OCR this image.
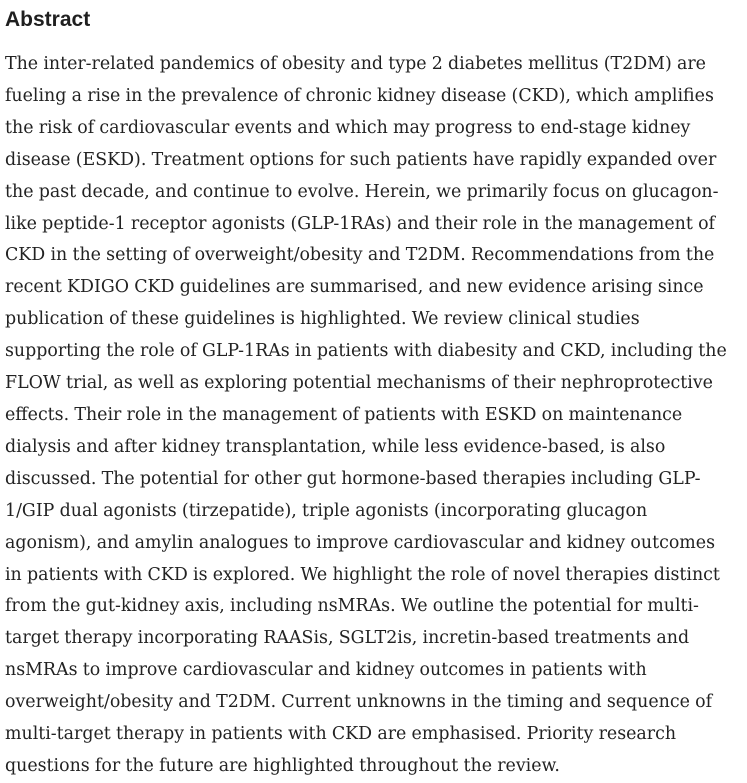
Abstract

The inter-related pandemics of obesity and type 2 diabetes mellitus (T2DM) are
fueling a rise in the prevalence of chronic kidney disease (CKD), which amplifies
the risk of cardiovascular events and which may progress to end-stage kidney
disease (ESKD). Treatment options for such patients have rapidly expanded over
the past decade, and continue to evolve. Herein, we primarily focus on glucagon-
like peptide-1 receptor agonists (GLP-1RAs) and their role in the management of
CKD in the setting of overweight/obesity and T2DM. Recommendations from the
recent KDIGO CKD guidelines are summarised, and new evidence arising since
publication of these guidelines is highlighted. We review clinical studies
supporting the role of GLP-1RAs in patients with diabesity and CKD, including the
FLOW trial, as well as exploring potential mechanisms of their nephroprotective
effects. Their role in the management of patients with ESKD on maintenance
dialysis and after kidney transplantation, while less evidence-based, is also
discussed. The potential for other gut hormone-based therapies including GLP-
1/GIP dual agonists (tirzepatide), triple agonists (incorporating glucagon
agonism), and amylin analogues to improve cardiovascular and kidney outcomes
in patients with CKD is explored. We highlight the role of novel therapies distinct
from the gut-kidney axis, including nsMRAs. We outline the potential for multi-
target therapy incorporating RAASis, SGLT2is, incretin-based treatments and
nsMRAs to improve cardiovascular and kidney outcomes in patients with
overweight/obesity and T2DM. Current unknowns in the timing and sequence of
multi-target therapy in patients with CKD are emphasised. Priority research
questions for the future are highlighted throughout the review.
